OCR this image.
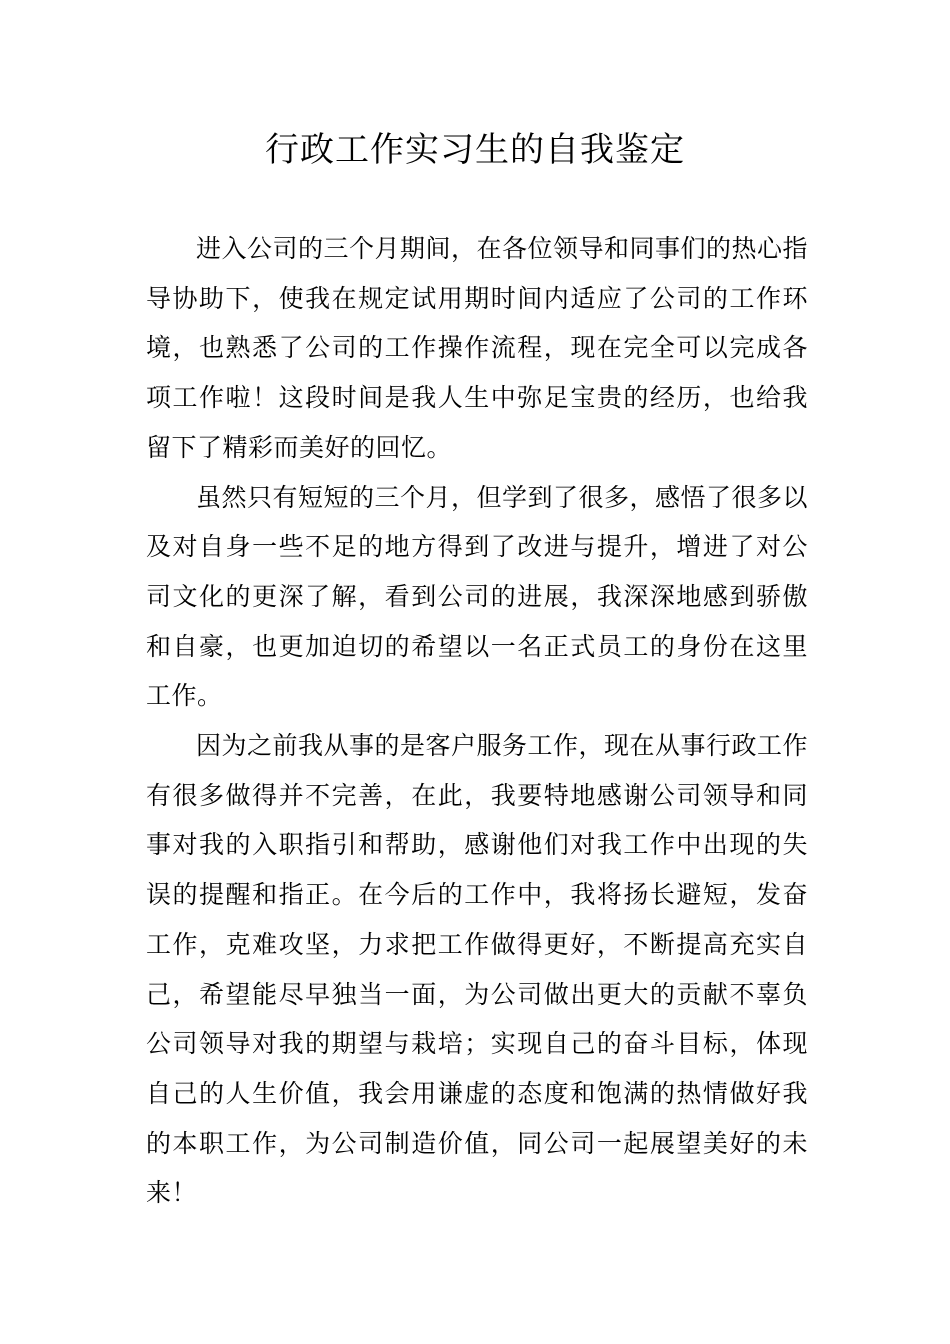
行政工作实习生的自我鉴定

进入公司的三个月期间，在各位领导和同事们的热心指导协助下，使我在规定试用期时间内适应了公司的工作环境，也熟悉了公司的工作操作流程，现在完全可以完成各项工作啦！这段时间是我人生中弥足宝贵的经历，也给我留下了精彩而美好的回忆。

虽然只有短短的三个月，但学到了很多，感悟了很多以及对自身一些不足的地方得到了改进与提升，增进了对公司文化的更深了解，看到公司的进展，我深深地感到骄傲和自豪，也更加迫切的希望以一名正式员工的身份在这里工作。

因为之前我从事的是客户服务工作，现在从事行政工作有很多做得并不完善，在此，我要特地感谢公司领导和同事对我的入职指引和帮助，感谢他们对我工作中出现的失误的提醒和指正。在今后的工作中，我将扬长避短，发奋工作，克难攻坚，力求把工作做得更好，不断提高充实自己，希望能尽早独当一面，为公司做出更大的贡献不辜负公司领导对我的期望与栽培；实现自己的奋斗目标，体现自己的人生价值，我会用谦虚的态度和饱满的热情做好我的本职工作，为公司制造价值，同公司一起展望美好的未来！
